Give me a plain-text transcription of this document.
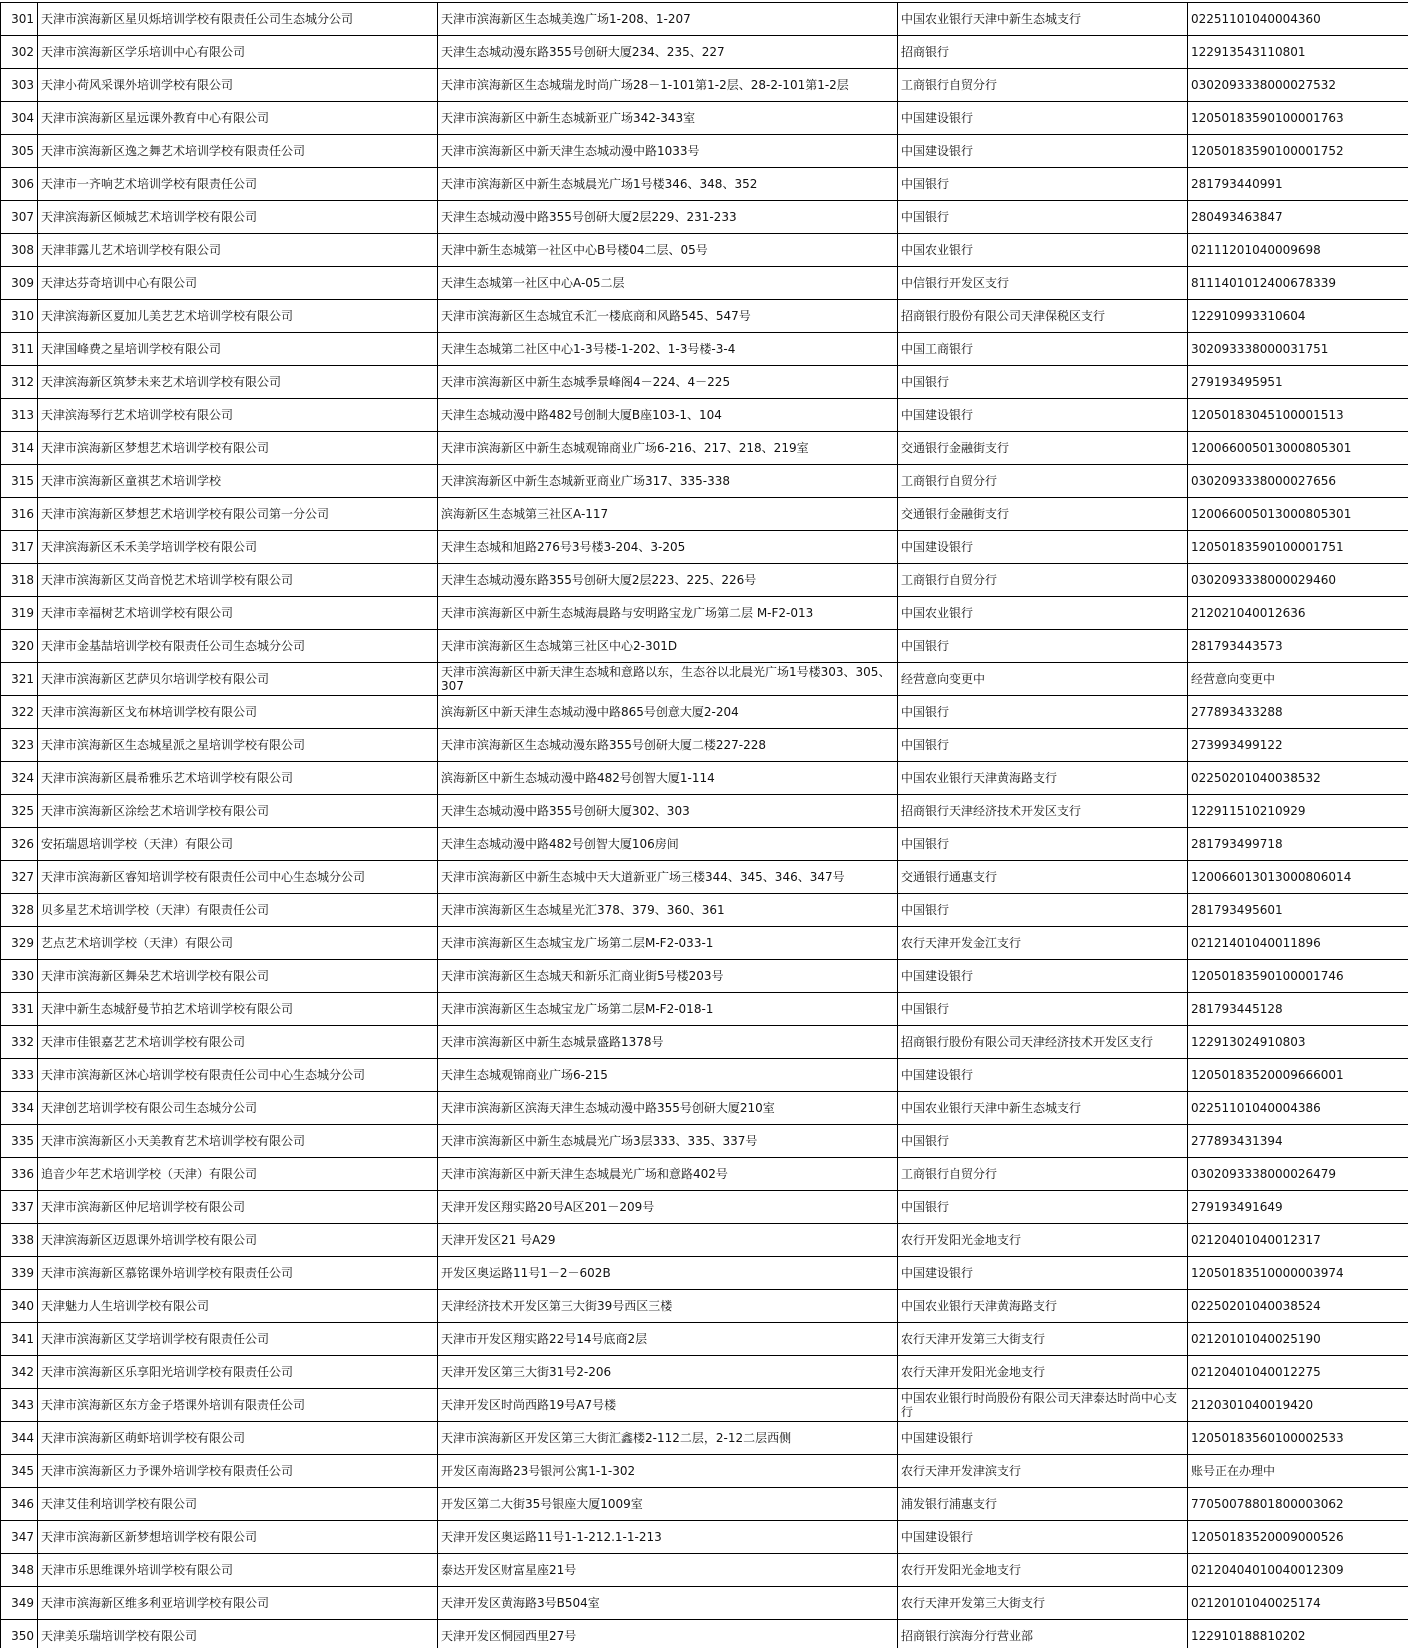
301	天津市滨海新区星贝烁培训学校有限责任公司生态城分公司	天津市滨海新区生态城美逸广场1-208、1-207	中国农业银行天津中新生态城支行	02251101040004360
302	天津市滨海新区学乐培训中心有限公司	天津生态城动漫东路355号创研大厦234、235、227	招商银行	122913543110801
303	天津小荷风采课外培训学校有限公司	天津市滨海新区生态城瑞龙时尚广场28－1-101第1-2层、28-2-101第1-2层	工商银行自贸分行	0302093338000027532
304	天津市滨海新区星远课外教育中心有限公司	天津市滨海新区中新生态城新亚广场342-343室	中国建设银行	12050183590100001763
305	天津市滨海新区逸之舞艺术培训学校有限责任公司	天津市滨海新区中新天津生态城动漫中路1033号	中国建设银行	12050183590100001752
306	天津市一齐响艺术培训学校有限责任公司	天津市滨海新区中新生态城晨光广场1号楼346、348、352	中国银行	281793440991
307	天津滨海新区倾城艺术培训学校有限公司	天津生态城动漫中路355号创研大厦2层229、231-233	中国银行	280493463847
308	天津菲露儿艺术培训学校有限公司	天津中新生态城第一社区中心B号楼04二层、05号	中国农业银行	02111201040009698
309	天津达芬奇培训中心有限公司	天津生态城第一社区中心A-05二层	中信银行开发区支行	8111401012400678339
310	天津滨海新区夏加儿美艺艺术培训学校有限公司	天津市滨海新区生态城宜禾汇一楼底商和风路545、547号	招商银行股份有限公司天津保税区支行	122910993310604
311	天津国峰费之星培训学校有限公司	天津生态城第二社区中心1-3号楼-1-202、1-3号楼-3-4	中国工商银行	302093338000031751
312	天津滨海新区筑梦未来艺术培训学校有限公司	天津市滨海新区中新生态城季景峰阁4－224、4－225	中国银行	279193495951
313	天津滨海琴行艺术培训学校有限公司	天津生态城动漫中路482号创制大厦B座103-1、104	中国建设银行	12050183045100001513
314	天津市滨海新区梦想艺术培训学校有限公司	天津市滨海新区中新生态城观锦商业广场6-216、217、218、219室	交通银行金融街支行	120066005013000805301
315	天津市滨海新区童祺艺术培训学校	天津滨海新区中新生态城新亚商业广场317、335-338	工商银行自贸分行	0302093338000027656
316	天津市滨海新区梦想艺术培训学校有限公司第一分公司	滨海新区生态城第三社区A-117	交通银行金融街支行	120066005013000805301
317	天津滨海新区禾禾美学培训学校有限公司	天津生态城和旭路276号3号楼3-204、3-205	中国建设银行	12050183590100001751
318	天津市滨海新区艾尚音悦艺术培训学校有限公司	天津生态城动漫东路355号创研大厦2层223、225、226号	工商银行自贸分行	0302093338000029460
319	天津市幸福树艺术培训学校有限公司	天津市滨海新区中新生态城海晨路与安明路宝龙广场第二层 M-F2-013	中国农业银行	212021040012636
320	天津市金基喆培训学校有限责任公司生态城分公司	天津市滨海新区生态城第三社区中心2-301D	中国银行	281793443573
321	天津市滨海新区艺萨贝尔培训学校有限公司	天津市滨海新区中新天津生态城和意路以东，生态谷以北晨光广场1号楼303、305、307	经营意向变更中	经营意向变更中
322	天津市滨海新区戈布林培训学校有限公司	滨海新区中新天津生态城动漫中路865号创意大厦2-204	中国银行	277893433288
323	天津市滨海新区生态城星派之星培训学校有限公司	天津市滨海新区生态城动漫东路355号创研大厦二楼227-228	中国银行	273993499122
324	天津市滨海新区晨希雅乐艺术培训学校有限公司	滨海新区中新生态城动漫中路482号创智大厦1-114	中国农业银行天津黄海路支行	02250201040038532
325	天津市滨海新区涂绘艺术培训学校有限公司	天津生态城动漫中路355号创研大厦302、303	招商银行天津经济技术开发区支行	122911510210929
326	安拓瑞恩培训学校（天津）有限公司	天津生态城动漫中路482号创智大厦106房间	中国银行	281793499718
327	天津市滨海新区睿知培训学校有限责任公司中心生态城分公司	天津市滨海新区中新生态城中天大道新亚广场三楼344、345、346、347号	交通银行通惠支行	120066013013000806014
328	贝多星艺术培训学校（天津）有限责任公司	天津市滨海新区生态城星光汇378、379、360、361	中国银行	281793495601
329	艺点艺术培训学校（天津）有限公司	天津市滨海新区生态城宝龙广场第二层M-F2-033-1	农行天津开发金江支行	02121401040011896
330	天津市滨海新区舞朵艺术培训学校有限公司	天津市滨海新区生态城天和新乐汇商业街5号楼203号	中国建设银行	12050183590100001746
331	天津中新生态城舒曼节拍艺术培训学校有限公司	天津市滨海新区生态城宝龙广场第二层M-F2-018-1	中国银行	281793445128
332	天津市佳银嘉艺艺术培训学校有限公司	天津市滨海新区中新生态城景盛路1378号	招商银行股份有限公司天津经济技术开发区支行	122913024910803
333	天津市滨海新区沐心培训学校有限责任公司中心生态城分公司	天津生态城观锦商业广场6-215	中国建设银行	12050183520009666001
334	天津创艺培训学校有限公司生态城分公司	天津市滨海新区滨海天津生态城动漫中路355号创研大厦210室	中国农业银行天津中新生态城支行	02251101040004386
335	天津市滨海新区小天美教育艺术培训学校有限公司	天津市滨海新区中新生态城晨光广场3层333、335、337号	中国银行	277893431394
336	追音少年艺术培训学校（天津）有限公司	天津市滨海新区中新天津生态城晨光广场和意路402号	工商银行自贸分行	0302093338000026479
337	天津市滨海新区仲尼培训学校有限公司	天津开发区翔实路20号A区201－209号	中国银行	279193491649
338	天津滨海新区迈恩课外培训学校有限公司	天津开发区21 号A29	农行开发阳光金地支行	02120401040012317
339	天津市滨海新区慕铭课外培训学校有限责任公司	开发区奥运路11号1－2－602B	中国建设银行	12050183510000003974
340	天津魅力人生培训学校有限公司	天津经济技术开发区第三大街39号西区三楼	中国农业银行天津黄海路支行	02250201040038524
341	天津市滨海新区艾学培训学校有限责任公司	天津市开发区翔实路22号14号底商2层	农行天津开发第三大街支行	02120101040025190
342	天津市滨海新区乐享阳光培训学校有限责任公司	天津开发区第三大街31号2-206	农行天津开发阳光金地支行	02120401040012275
343	天津市滨海新区东方金子塔课外培训有限责任公司	天津开发区时尚西路19号A7号楼	中国农业银行时尚股份有限公司天津泰达时尚中心支行	2120301040019420
344	天津市滨海新区萌虾培训学校有限公司	天津市滨海新区开发区第三大街汇鑫楼2-112二层，2-12二层西侧	中国建设银行	12050183560100002533
345	天津市滨海新区力予课外培训学校有限责任公司	开发区南海路23号银河公寓1-1-302	农行天津开发津滨支行	账号正在办理中
346	天津艾佳利培训学校有限公司	开发区第二大街35号银座大厦1009室	浦发银行浦惠支行	77050078801800003062
347	天津市滨海新区新梦想培训学校有限公司	天津开发区奥运路11号1-1-212.1-1-213	中国建设银行	12050183520009000526
348	天津市乐思维课外培训学校有限公司	泰达开发区财富星座21号	农行开发阳光金地支行	02120404010040012309
349	天津市滨海新区维多利亚培训学校有限公司	天津开发区黄海路3号B504室	农行天津开发第三大街支行	02120101040025174
350	天津美乐瑞培训学校有限公司	天津开发区恫园西里27号	招商银行滨海分行营业部	122910188810202
